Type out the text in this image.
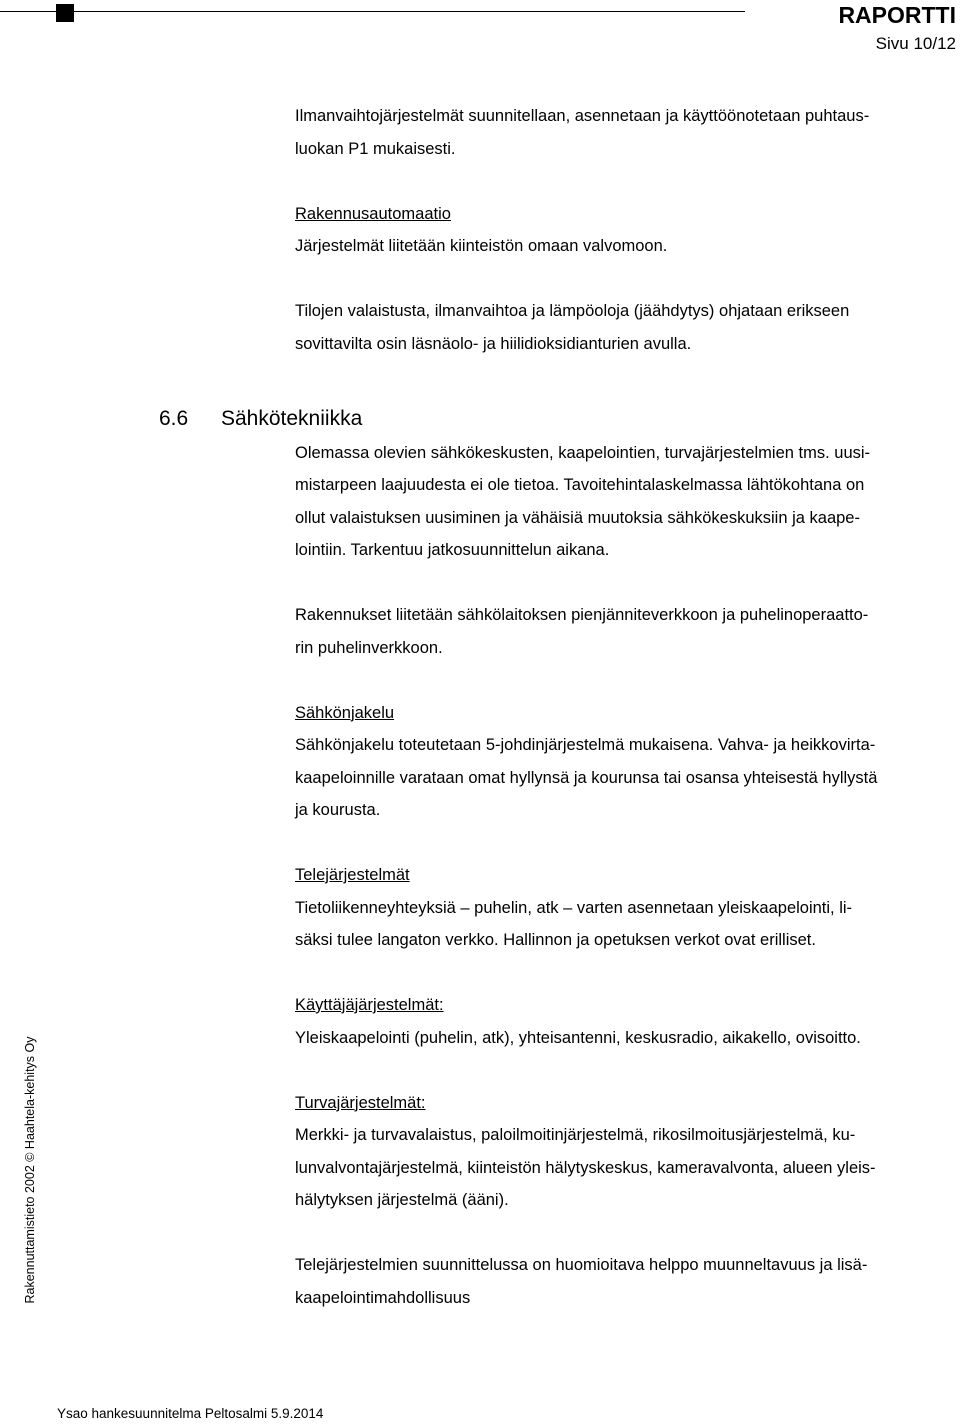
RAPORTTI
Sivu 10/12

Ilmanvaihtojärjestelmät suunnitellaan, asennetaan ja käyttöönotetaan puhtaus-

luokan P1 mukaisesti.

Rakennusautomaatio

Järjestelmät liitetään kiinteistön omaan valvomoon.

Tilojen valaistusta, ilmanvaihtoa ja lämpöoloja (jäähdytys) ohjataan erikseen

sovittavilta osin läsnäolo- ja hiilidioksidianturien avulla.

6.6 Sähkötekniikka

Olemassa olevien sähkökeskusten, kaapelointien, turvajärjestelmien tms. uusi-

mistarpeen laajuudesta ei ole tietoa. Tavoitehintalaskelmassa lähtökohtana on

ollut valaistuksen uusiminen ja vähäisiä muutoksia sähkökeskuksiin ja kaape-

lointiin. Tarkentuu jatkosuunnittelun aikana.

Rakennukset liitetään sähkölaitoksen pienjänniteverkkoon ja puhelinoperaatto-

rin puhelinverkkoon.

Sähkönjakelu

Sähkönjakelu toteutetaan 5-johdinjärjestelmä mukaisena. Vahva- ja heikkovirta-

kaapeloinnille varataan omat hyllynsä ja kourunsa tai osansa yhteisestä hyllystä

ja kourusta.

Telejärjestelmät

Tietoliikenneyhteyksiä – puhelin, atk – varten asennetaan yleiskaapelointi, li-

säksi tulee langaton verkko. Hallinnon ja opetuksen verkot ovat erilliset.

Käyttäjäjärjestelmät:

Yleiskaapelointi (puhelin, atk), yhteisantenni, keskusradio, aikakello, ovisoitto.

Turvajärjestelmät:

Merkki- ja turvavalaistus, paloilmoitinjärjestelmä, rikosilmoitusjärjestelmä, ku-

lunvalvontajärjestelmä, kiinteistön hälytyskeskus, kameravalvonta, alueen yleis-

hälytyksen järjestelmä (ääni).

Telejärjestelmien suunnittelussa on huomioitava helppo muunneltavuus ja lisä-

kaapelointimahdollisuus

Rakennuttamistieto 2002 © Haahtela-kehitys Oy
Ysao hankesuunnitelma Peltosalmi 5.9.2014
